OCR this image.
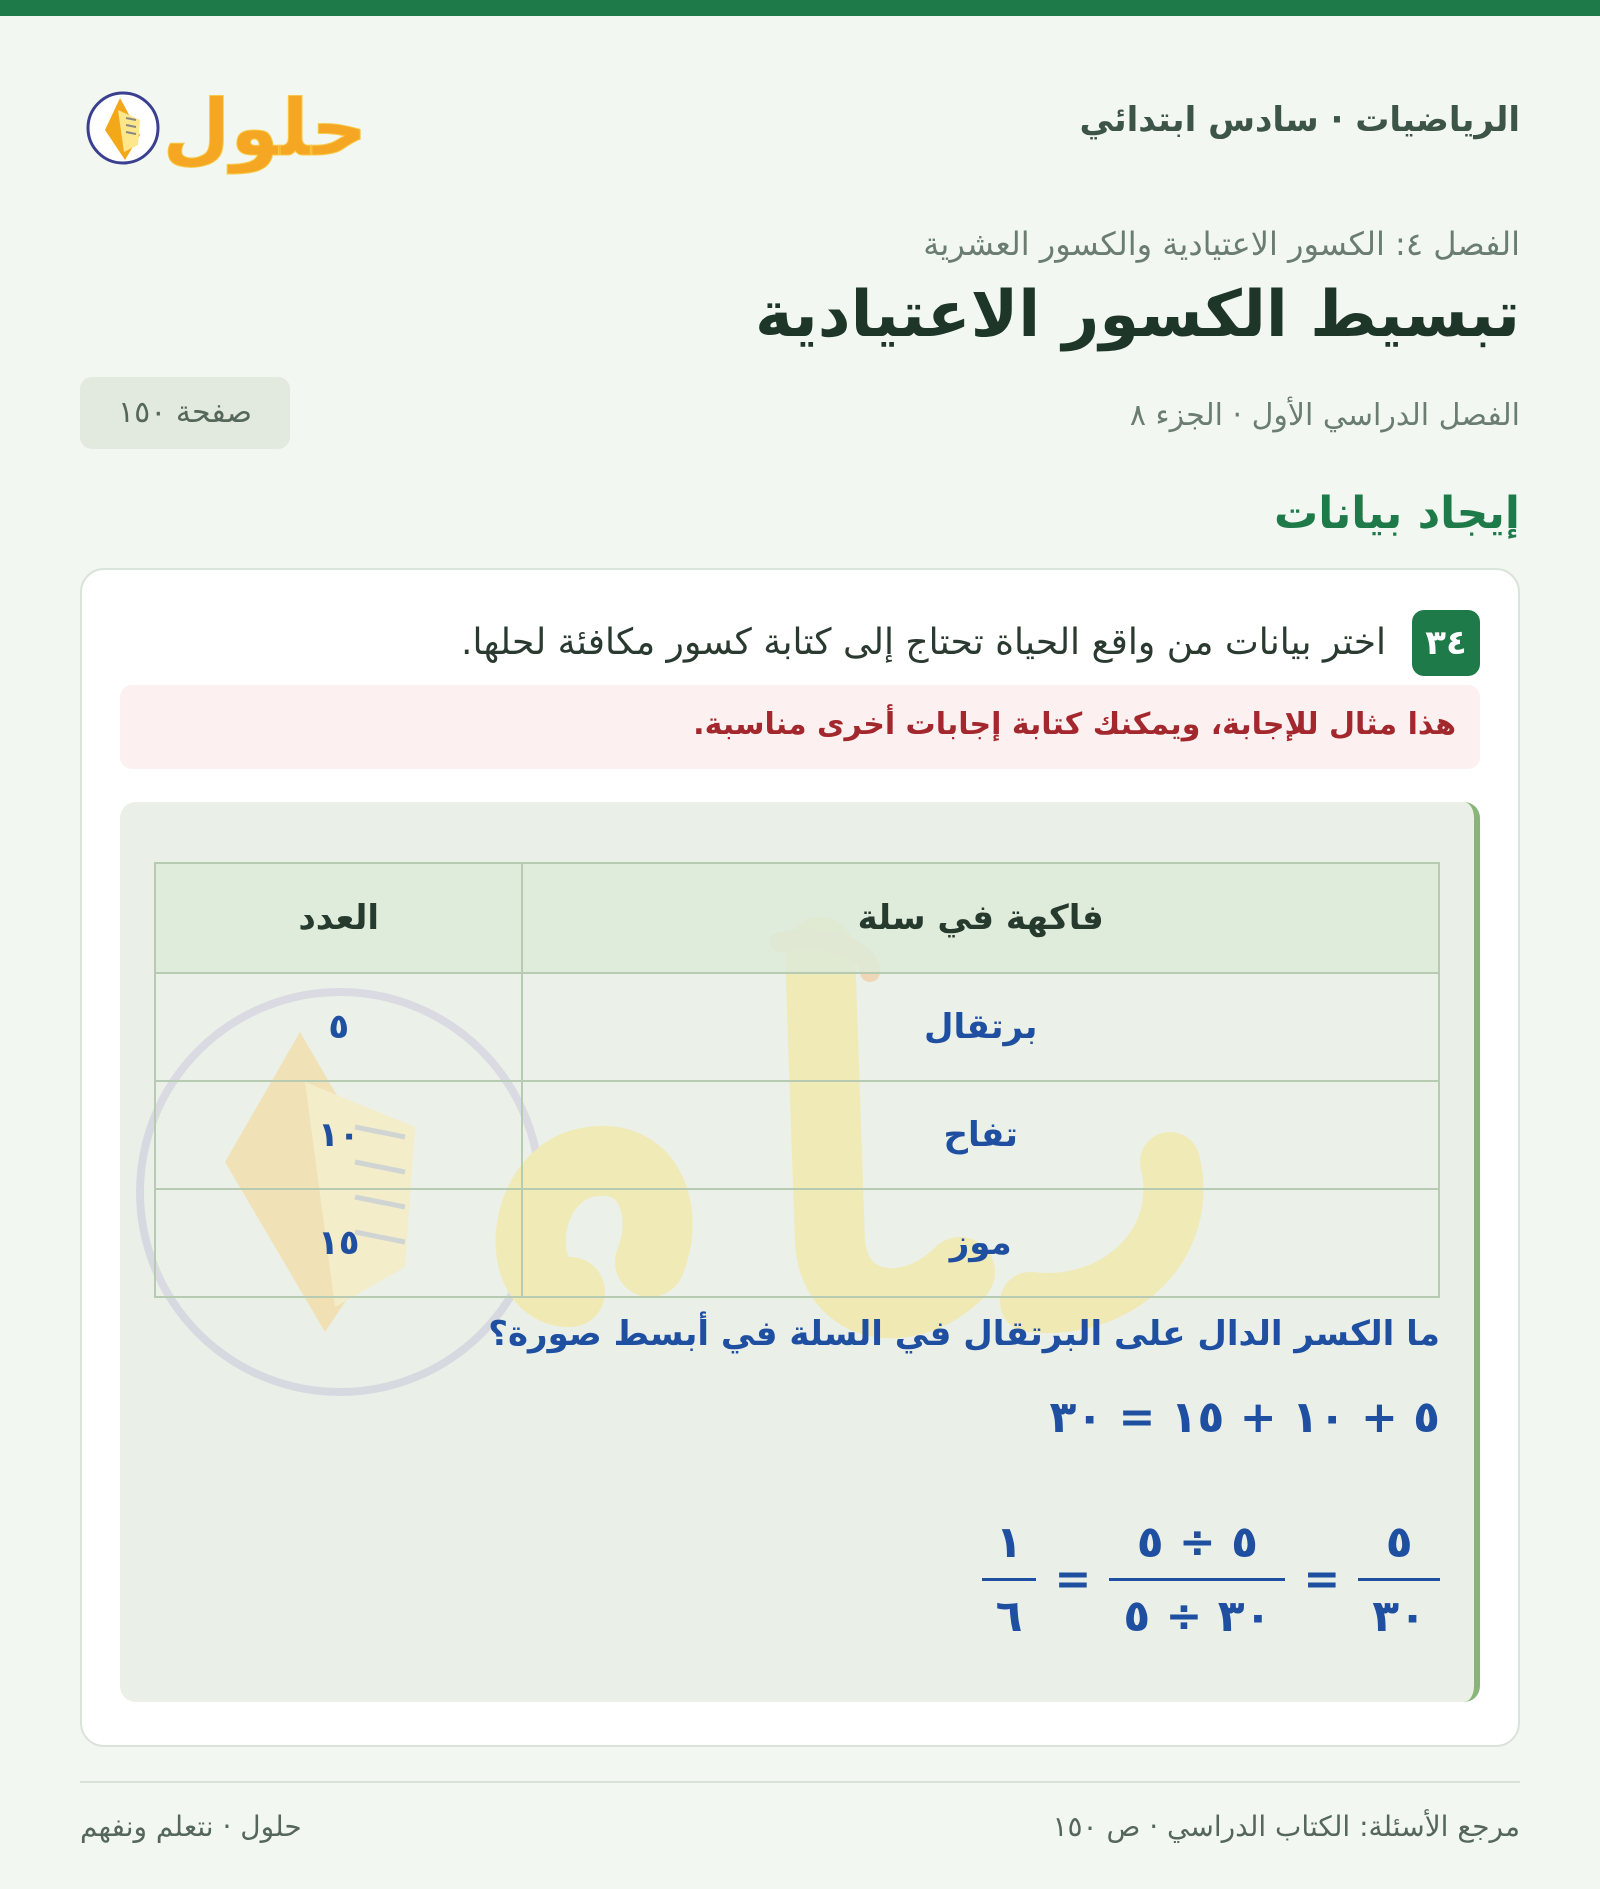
الرياضيات · سادس ابتدائي
حلول
الفصل ٤: الكسور الاعتيادية والكسور العشرية
تبسيط الكسور الاعتيادية
الفصل الدراسي الأول · الجزء ٨
صفحة ١٥٠
إيجاد بيانات
٣٤
اختر بيانات من واقع الحياة تحتاج إلى كتابة كسور مكافئة لحلها.
هذا مثال للإجابة، ويمكنك كتابة إجابات أخرى مناسبة.
فاكهة في سلة	العدد
برتقال	٥
تفاح	١٠
موز	١٥
ما الكسر الدال على البرتقال في السلة في أبسط صورة؟
٥ + ١٠ + ١٥ = ٣٠
$\frac{٥}{٣٠}$
=
$\frac{٥ \div ٥}{٣٠ \div ٥}$
=
$\frac{١}{٦}$
مرجع الأسئلة: الكتاب الدراسي · ص ١٥٠
حلول · نتعلم ونفهم
